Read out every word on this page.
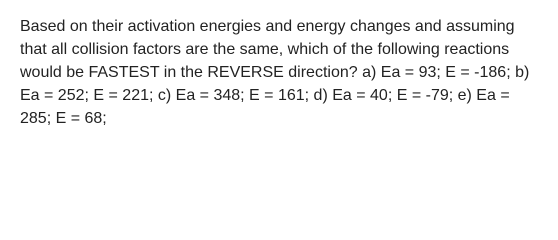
Based on their activation energies and energy changes and assuming that all collision factors are the same, which of the following reactions would be FASTEST in the REVERSE direction? a) Ea = 93; E = -186; b) Ea = 252; E = 221; c) Ea = 348; E = 161; d) Ea = 40; E = -79; e) Ea = 285; E = 68;
